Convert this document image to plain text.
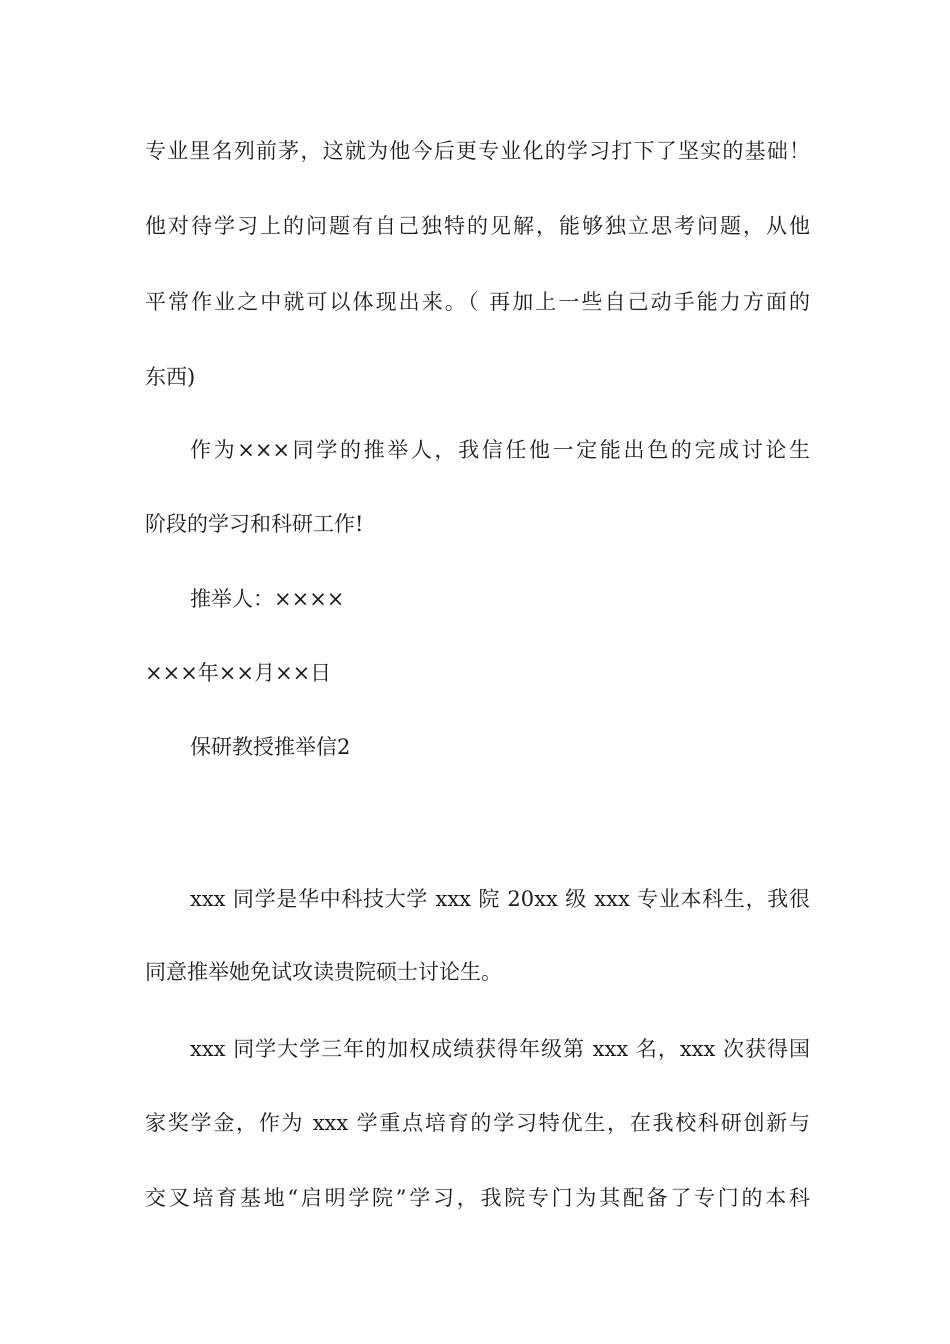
专业里名列前茅，这就为他今后更专业化的学习打下了坚实的基础！
他对待学习上的问题有自己独特的见解，能够独立思考问题，从他
平常作业之中就可以体现出来。（ 再加上一些自己动手能力方面的
东西)
作为×××同学的推举人，我信任他一定能出色的完成讨论生
阶段的学习和科研工作!
推举人：××××
×××年××月××日
保研教授推举信2
xxx 同学是华中科技大学 xxx 院 20xx 级 xxx 专业本科生，我很
同意推举她免试攻读贵院硕士讨论生。
xxx 同学大学三年的加权成绩获得年级第 xxx 名，xxx 次获得国
家奖学金，作为 xxx 学重点培育的学习特优生，在我校科研创新与
交叉培育基地“启明学院”学习，我院专门为其配备了专门的本科
